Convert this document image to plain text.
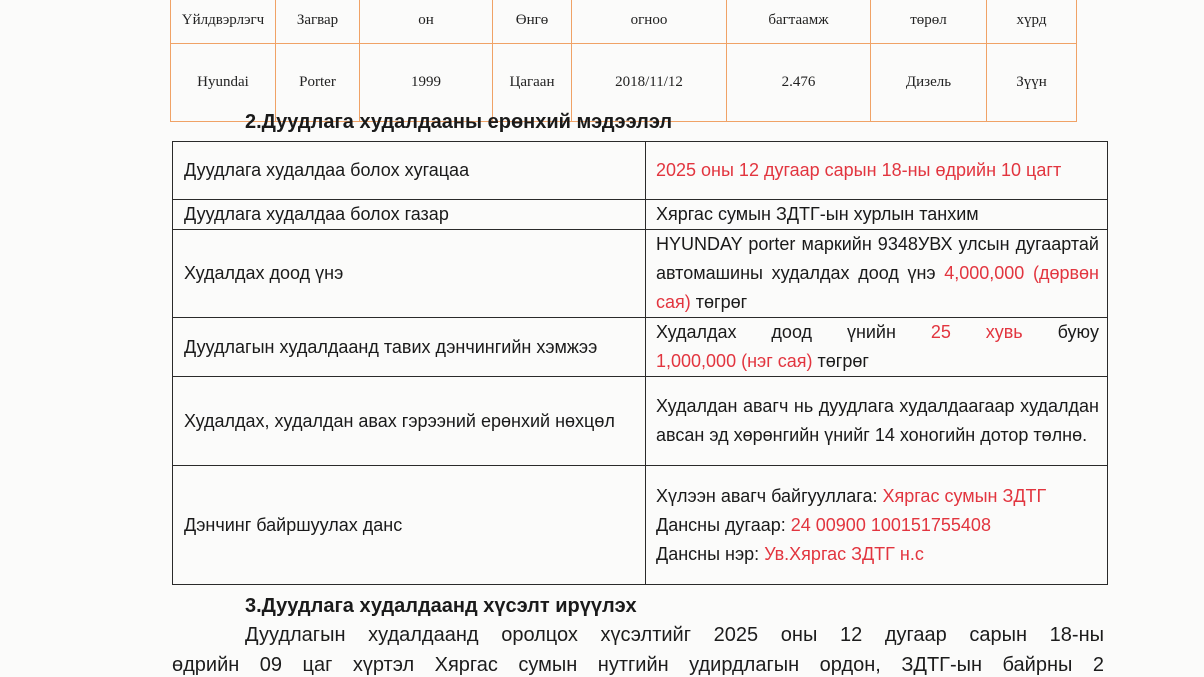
Үйлдвэрлэгч	Загвар	он	Өнгө	огноо	багтаамж	төрөл	хүрд
Hyundai	Porter	1999	Цагаан	2018/11/12	2.476	Дизель	Зүүн
2.Дуудлага худалдааны ерөнхий мэдээлэл
Дуудлага худалдаа болох хугацаа	2025 оны 12 дугаар сарын 18-ны өдрийн 10 цагт
Дуудлага худалдаа болох газар	Хяргас сумын ЗДТГ-ын хурлын танхим
Худалдах доод үнэ	HYUNDAY porter маркийн 9348УВХ улсын дугаартай автомашины худалдах доод үнэ 4,000,000 (дөрвөн сая) төгрөг
Дуудлагын худалдаанд тавих дэнчингийн хэмжээ	Худалдах доод үнийн 25 хувь буюу
1,000,000 (нэг сая) төгрөг

Худалдах, худалдан авах гэрээний ерөнхий нөхцөл	Худалдан авагч нь дуудлага худалдаагаар худалдан авсан эд хөрөнгийн үнийг 14 хоногийн дотор төлнө.
Дэнчинг байршуулах данс	Хүлээн авагч байгууллага: Хяргас сумын ЗДТГ
Дансны дугаар: 24 00900 100151755408
Дансны нэр: Ув.Хяргас ЗДТГ н.с
3.Дуудлага худалдаанд хүсэлт ирүүлэх
Дуудлагын худалдаанд оролцох хүсэлтийг 2025 оны 12 дугаар сарын 18-ны
өдрийн 09 цаг хүртэл Хяргас сумын нутгийн удирдлагын ордон, ЗДТГ-ын байрны 2
